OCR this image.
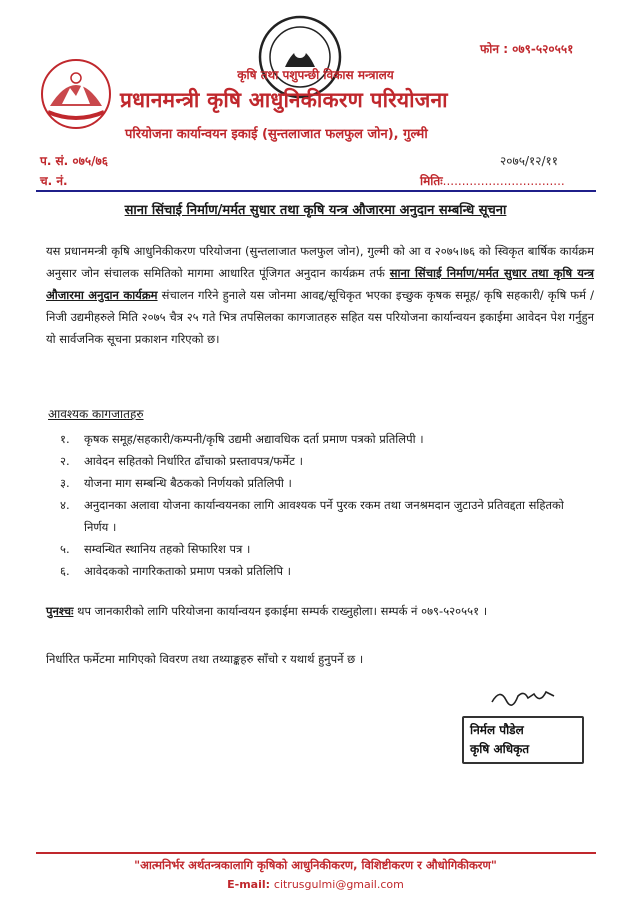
फोन : ०७९-५२०५५१
कृषि तथा पशुपन्छी विकास मन्त्रालय
प्रधानमन्त्री कृषि आधुनिकीकरण परियोजना
परियोजना कार्यान्वयन इकाई (सुन्तलाजात फलफुल जोन), गुल्मी
प. सं. ०७५/७६	२०७५/१२/११
च. नं.	मितिः................................
साना सिंचाई निर्माण/मर्मत सुधार तथा कृषि यन्त्र औजारमा अनुदान सम्बन्धि सूचना
यस प्रधानमन्त्री कृषि आधुनिकीकरण परियोजना (सुन्तलाजात फलफुल जोन), गुल्मी को आ व २०७५।७६ को स्विकृत बार्षिक कार्यक्रम अनुसार जोन संचालक समितिको मागमा आधारित पूंजिगत अनुदान कार्यक्रम तर्फ साना सिंचाई निर्माण/मर्मत सुधार तथा कृषि यन्त्र औजारमा अनुदान कार्यक्रम संचालन गरिने हुनाले यस जोनमा आवद्द/सूचिकृत भएका इच्छुक कृषक समूह/ कृषि सहकारी/ कृषि फर्म /निजी उद्यमीहरुले मिति २०७५ चैत्र २५ गते भित्र तपसिलका कागजातहरु सहित यस परियोजना कार्यान्वयन इकाईमा आवेदन पेश गर्नुहुन यो सार्वजनिक सूचना प्रकाशन गरिएको छ।
आवश्यक कागजातहरु
१.	कृषक समूह/सहकारी/कम्पनी/कृषि उद्यमी अद्यावधिक दर्ता प्रमाण पत्रको प्रतिलिपी ।
२.	आवेदन सहितको निर्धारित ढाँचाको प्रस्तावपत्र/फर्मेट ।
३.	योजना माग सम्बन्धि बैठकको निर्णयको प्रतिलिपी ।
४.	अनुदानका अलावा योजना कार्यान्वयनका लागि आवश्यक पर्ने पुरक रकम तथा जनश्रमदान जुटाउने प्रतिवद्दता सहितको निर्णय ।
५.	सम्वन्धित स्थानिय तहको सिफारिश पत्र ।
६.	आवेदकको नागरिकताको प्रमाण पत्रको प्रतिलिपि ।
पुनश्चः थप जानकारीको लागि परियोजना कार्यान्वयन इकाईमा सम्पर्क राख्नुहोला। सम्पर्क नं ०७९-५२०५५१ ।
निर्धारित फर्मेटमा मागिएको विवरण तथा तथ्याङ्कहरु साँचो र यथार्थ हुनुपर्ने छ ।
निर्मल पौडेल
कृषि अधिकृत
"आत्मनिर्भर अर्थतन्त्रकालागि कृषिको आधुनिकीकरण, विशिष्टीकरण र औधोगिकीकरण"
E-mail: citrusgulmi@gmail.com
